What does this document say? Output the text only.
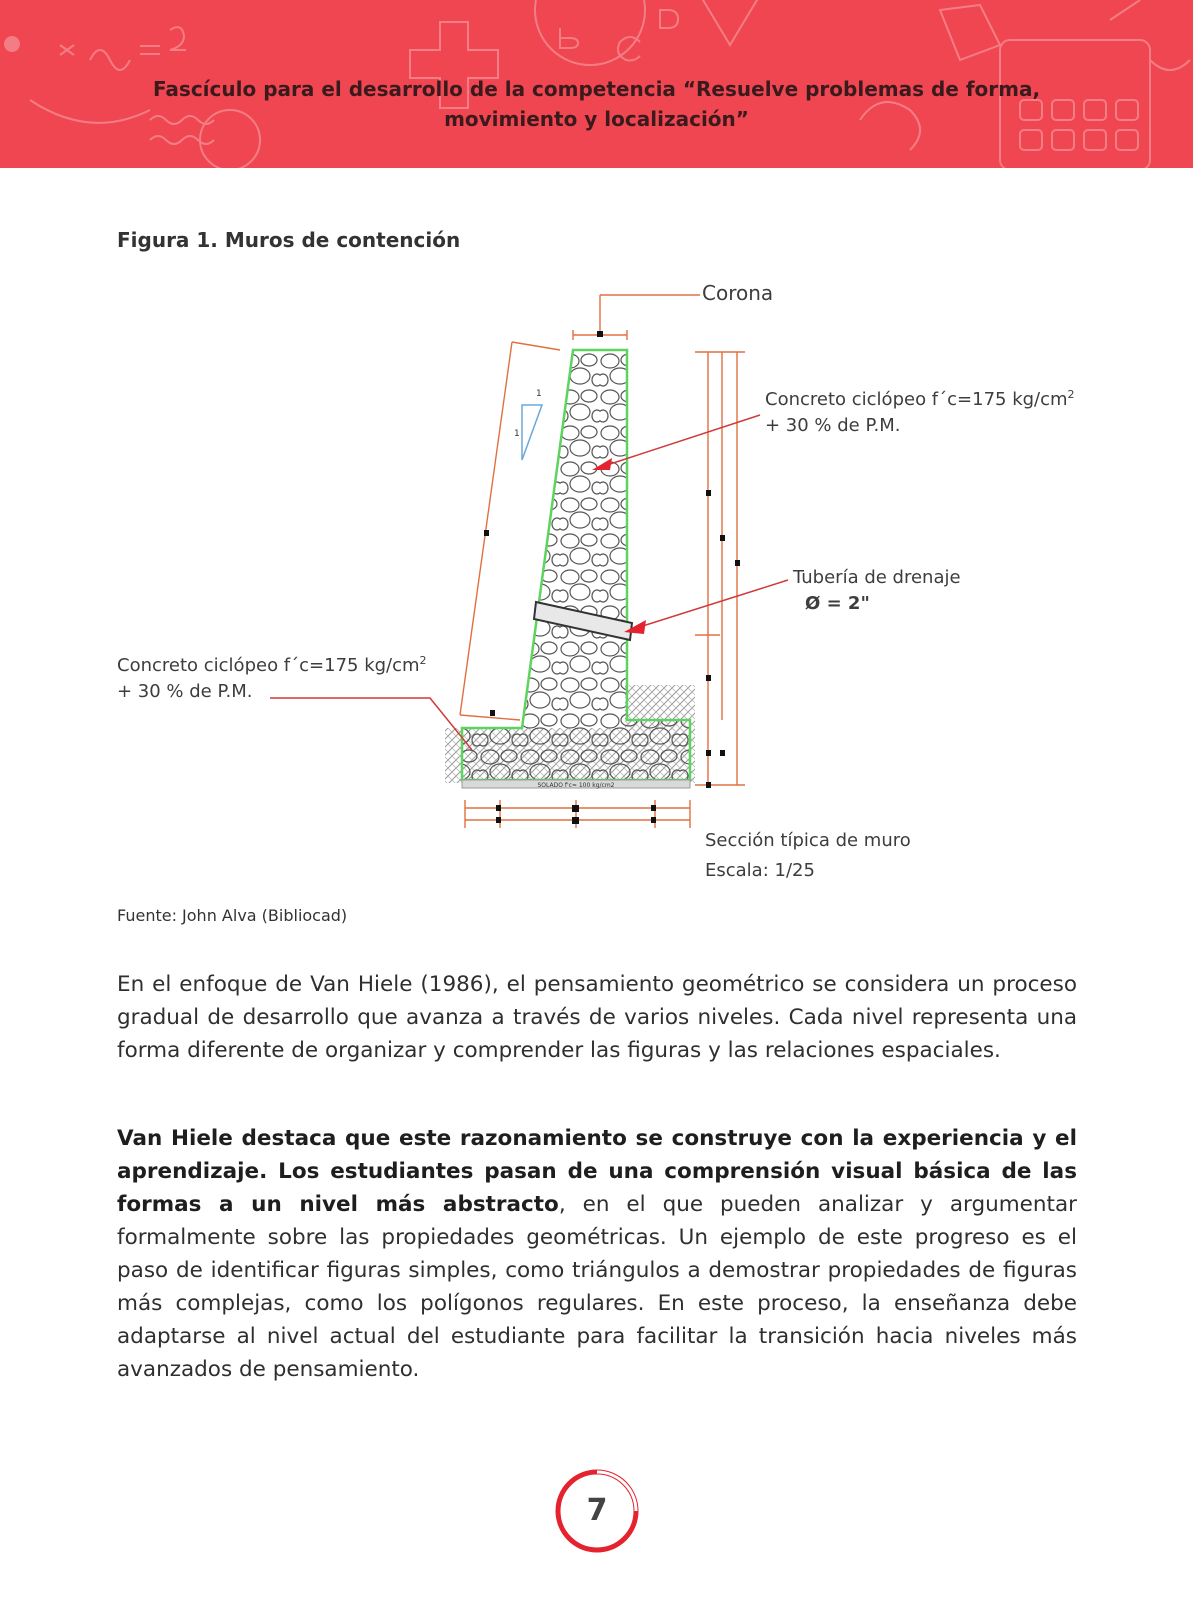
Fascículo para el desarrollo de la competencia “Resuelve problemas de forma,
movimiento y localización”
Figura 1. Muros de contención
SOLADO f'c= 100 kg/cm2
1
1
Corona
Concreto ciclópeo f´c=175 $kg/cm^2$
+ 30 % de P.M.
Tubería de drenaje
Ø = 2"
Concreto ciclópeo f´c=175 $kg/cm^2$
+ 30 % de P.M.
Sección típica de muro
Escala: 1/25
Fuente: John Alva (Bibliocad)
En el enfoque de Van Hiele (1986), el pensamiento geométrico se considera un proceso gradual de desarrollo que avanza a través de varios niveles. Cada nivel representa una forma diferente de organizar y comprender las figuras y las relaciones espaciales.
Van Hiele destaca que este razonamiento se construye con la experiencia y el aprendizaje. Los estudiantes pasan de una comprensión visual básica de las formas a un nivel más abstracto, en el que pueden analizar y argumentar formalmente sobre las propiedades geométricas. Un ejemplo de este progreso es el paso de identificar figuras simples, como triángulos a demostrar propiedades de figuras más complejas, como los polígonos regulares. En este proceso, la enseñanza debe adaptarse al nivel actual del estudiante para facilitar la transición hacia niveles más avanzados de pensamiento.
7
